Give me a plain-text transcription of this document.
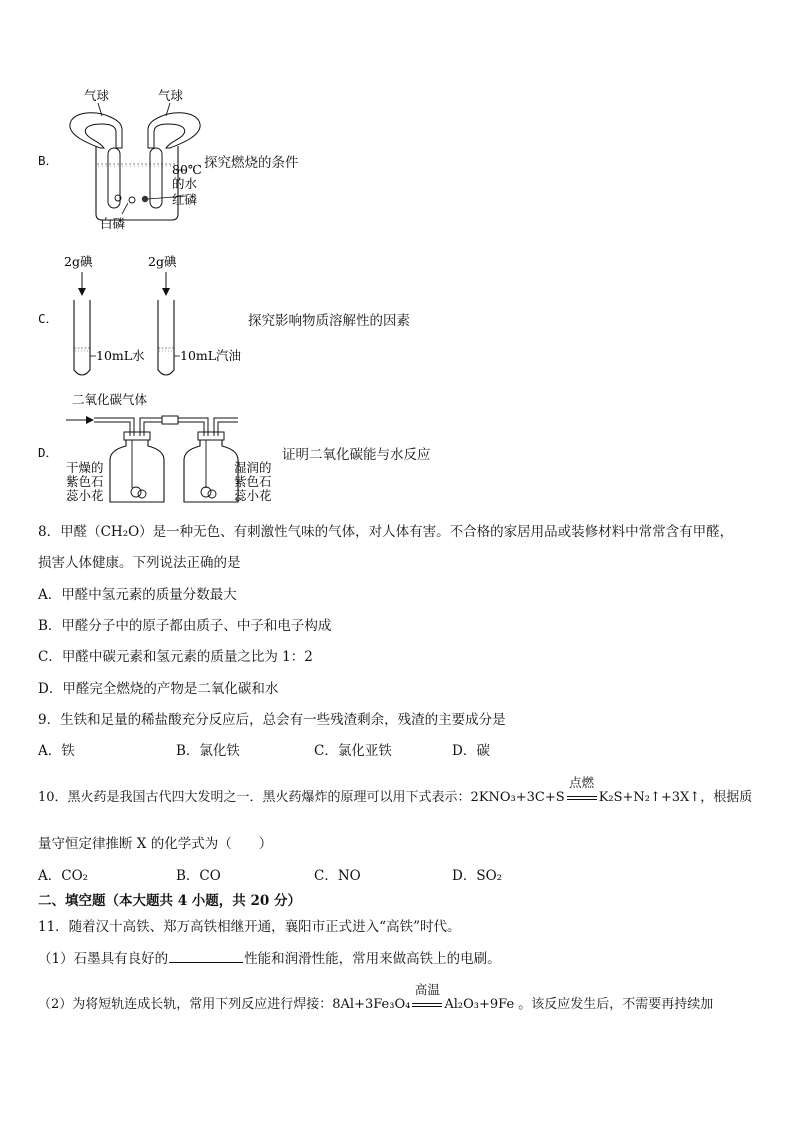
B．
气球	气球
80℃
的水
红磷
白磷
探究燃烧的条件
C．
2g碘	2g碘
10mL水	10mL汽油
探究影响物质溶解性的因素
D．
二氧化碳气体
干燥的
紫色石
蕊小花
湿润的
紫色石
蕊小花
证明二氧化碳能与水反应
8．甲醛（CH₂O）是一种无色、有刺激性气味的气体，对人体有害。不合格的家居用品或装修材料中常常含有甲醛，
损害人体健康。下列说法正确的是
A．甲醛中氢元素的质量分数最大
B．甲醛分子中的原子都由质子、中子和电子构成
C．甲醛中碳元素和氢元素的质量之比为 1：2
D．甲醛完全燃烧的产物是二氧化碳和水
9．生铁和足量的稀盐酸充分反应后，总会有一些残渣剩余，残渣的主要成分是
A．铁	B．氯化铁	C．氯化亚铁	D．碳
10．黑火药是我国古代四大发明之一．黑火药爆炸的原理可以用下式表示：2KNO₃+3C+S
点燃
K₂S+N₂↑+3X↑，根据质
量守恒定律推断 X 的化学式为（　　）
A．CO₂	B．CO	C．NO	D．SO₂
二、填空题（本大题共 4 小题，共 20 分）
11．随着汉十高铁、郑万高铁相继开通，襄阳市正式进入“高铁”时代。
（1）石墨具有良好的	性能和润滑性能，常用来做高铁上的电刷。
（2）为将短轨连成长轨，常用下列反应进行焊接：8Al+3Fe₃O₄
高温
Al₂O₃+9Fe 。该反应发生后，不需要再持续加
